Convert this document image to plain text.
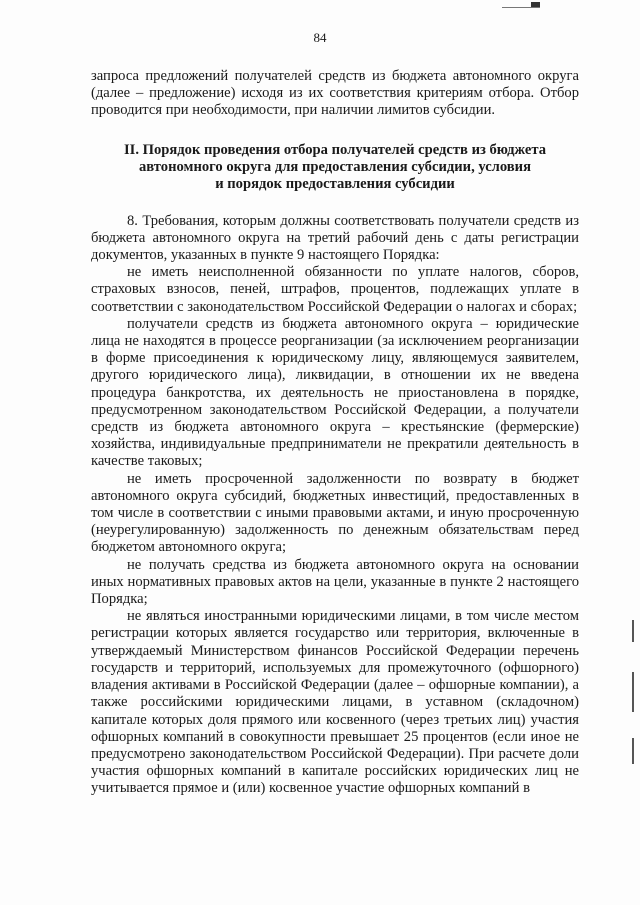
84

запроса предложений получателей средств из бюджета автономного округа (далее – предложение) исходя из их соответствия критериям отбора. Отбор проводится при необходимости, при наличии лимитов субсидии.

II. Порядок проведения отбора получателей средств из бюджета
автономного округа для предоставления субсидии, условия
и порядок предоставления субсидии

8. Требования, которым должны соответствовать получатели средств из бюджета автономного округа на третий рабочий день с даты регистрации документов, указанных в пункте 9 настоящего Порядка:

не иметь неисполненной обязанности по уплате налогов, сборов, страховых взносов, пеней, штрафов, процентов, подлежащих уплате в соответствии с законодательством Российской Федерации о налогах и сборах;

получатели средств из бюджета автономного округа – юридические лица не находятся в процессе реорганизации (за исключением реорганизации в форме присоединения к юридическому лицу, являющемуся заявителем, другого юридического лица), ликвидации, в отношении их не введена процедура банкротства, их деятельность не приостановлена в порядке, предусмотренном законодательством Российской Федерации, а получатели средств из бюджета автономного округа – крестьянские (фермерские) хозяйства, индивидуальные предприниматели не прекратили деятельность в качестве таковых;

не иметь просроченной задолженности по возврату в бюджет автономного округа субсидий, бюджетных инвестиций, предоставленных в том числе в соответствии с иными правовыми актами, и иную просроченную (неурегулированную) задолженность по денежным обязательствам перед бюджетом автономного округа;

не получать средства из бюджета автономного округа на основании иных нормативных правовых актов на цели, указанные в пункте 2 настоящего Порядка;

не являться иностранными юридическими лицами, в том числе местом регистрации которых является государство или территория, включенные в утверждаемый Министерством финансов Российской Федерации перечень государств и территорий, используемых для промежуточного (офшорного) владения активами в Российской Федерации (далее – офшорные компании), а также российскими юридическими лицами, в уставном (складочном) капитале которых доля прямого или косвенного (через третьих лиц) участия офшорных компаний в совокупности превышает 25 процентов (если иное не предусмотрено законодательством Российской Федерации). При расчете доли участия офшорных компаний в капитале российских юридических лиц не учитывается прямое и (или) косвенное участие офшорных компаний в
